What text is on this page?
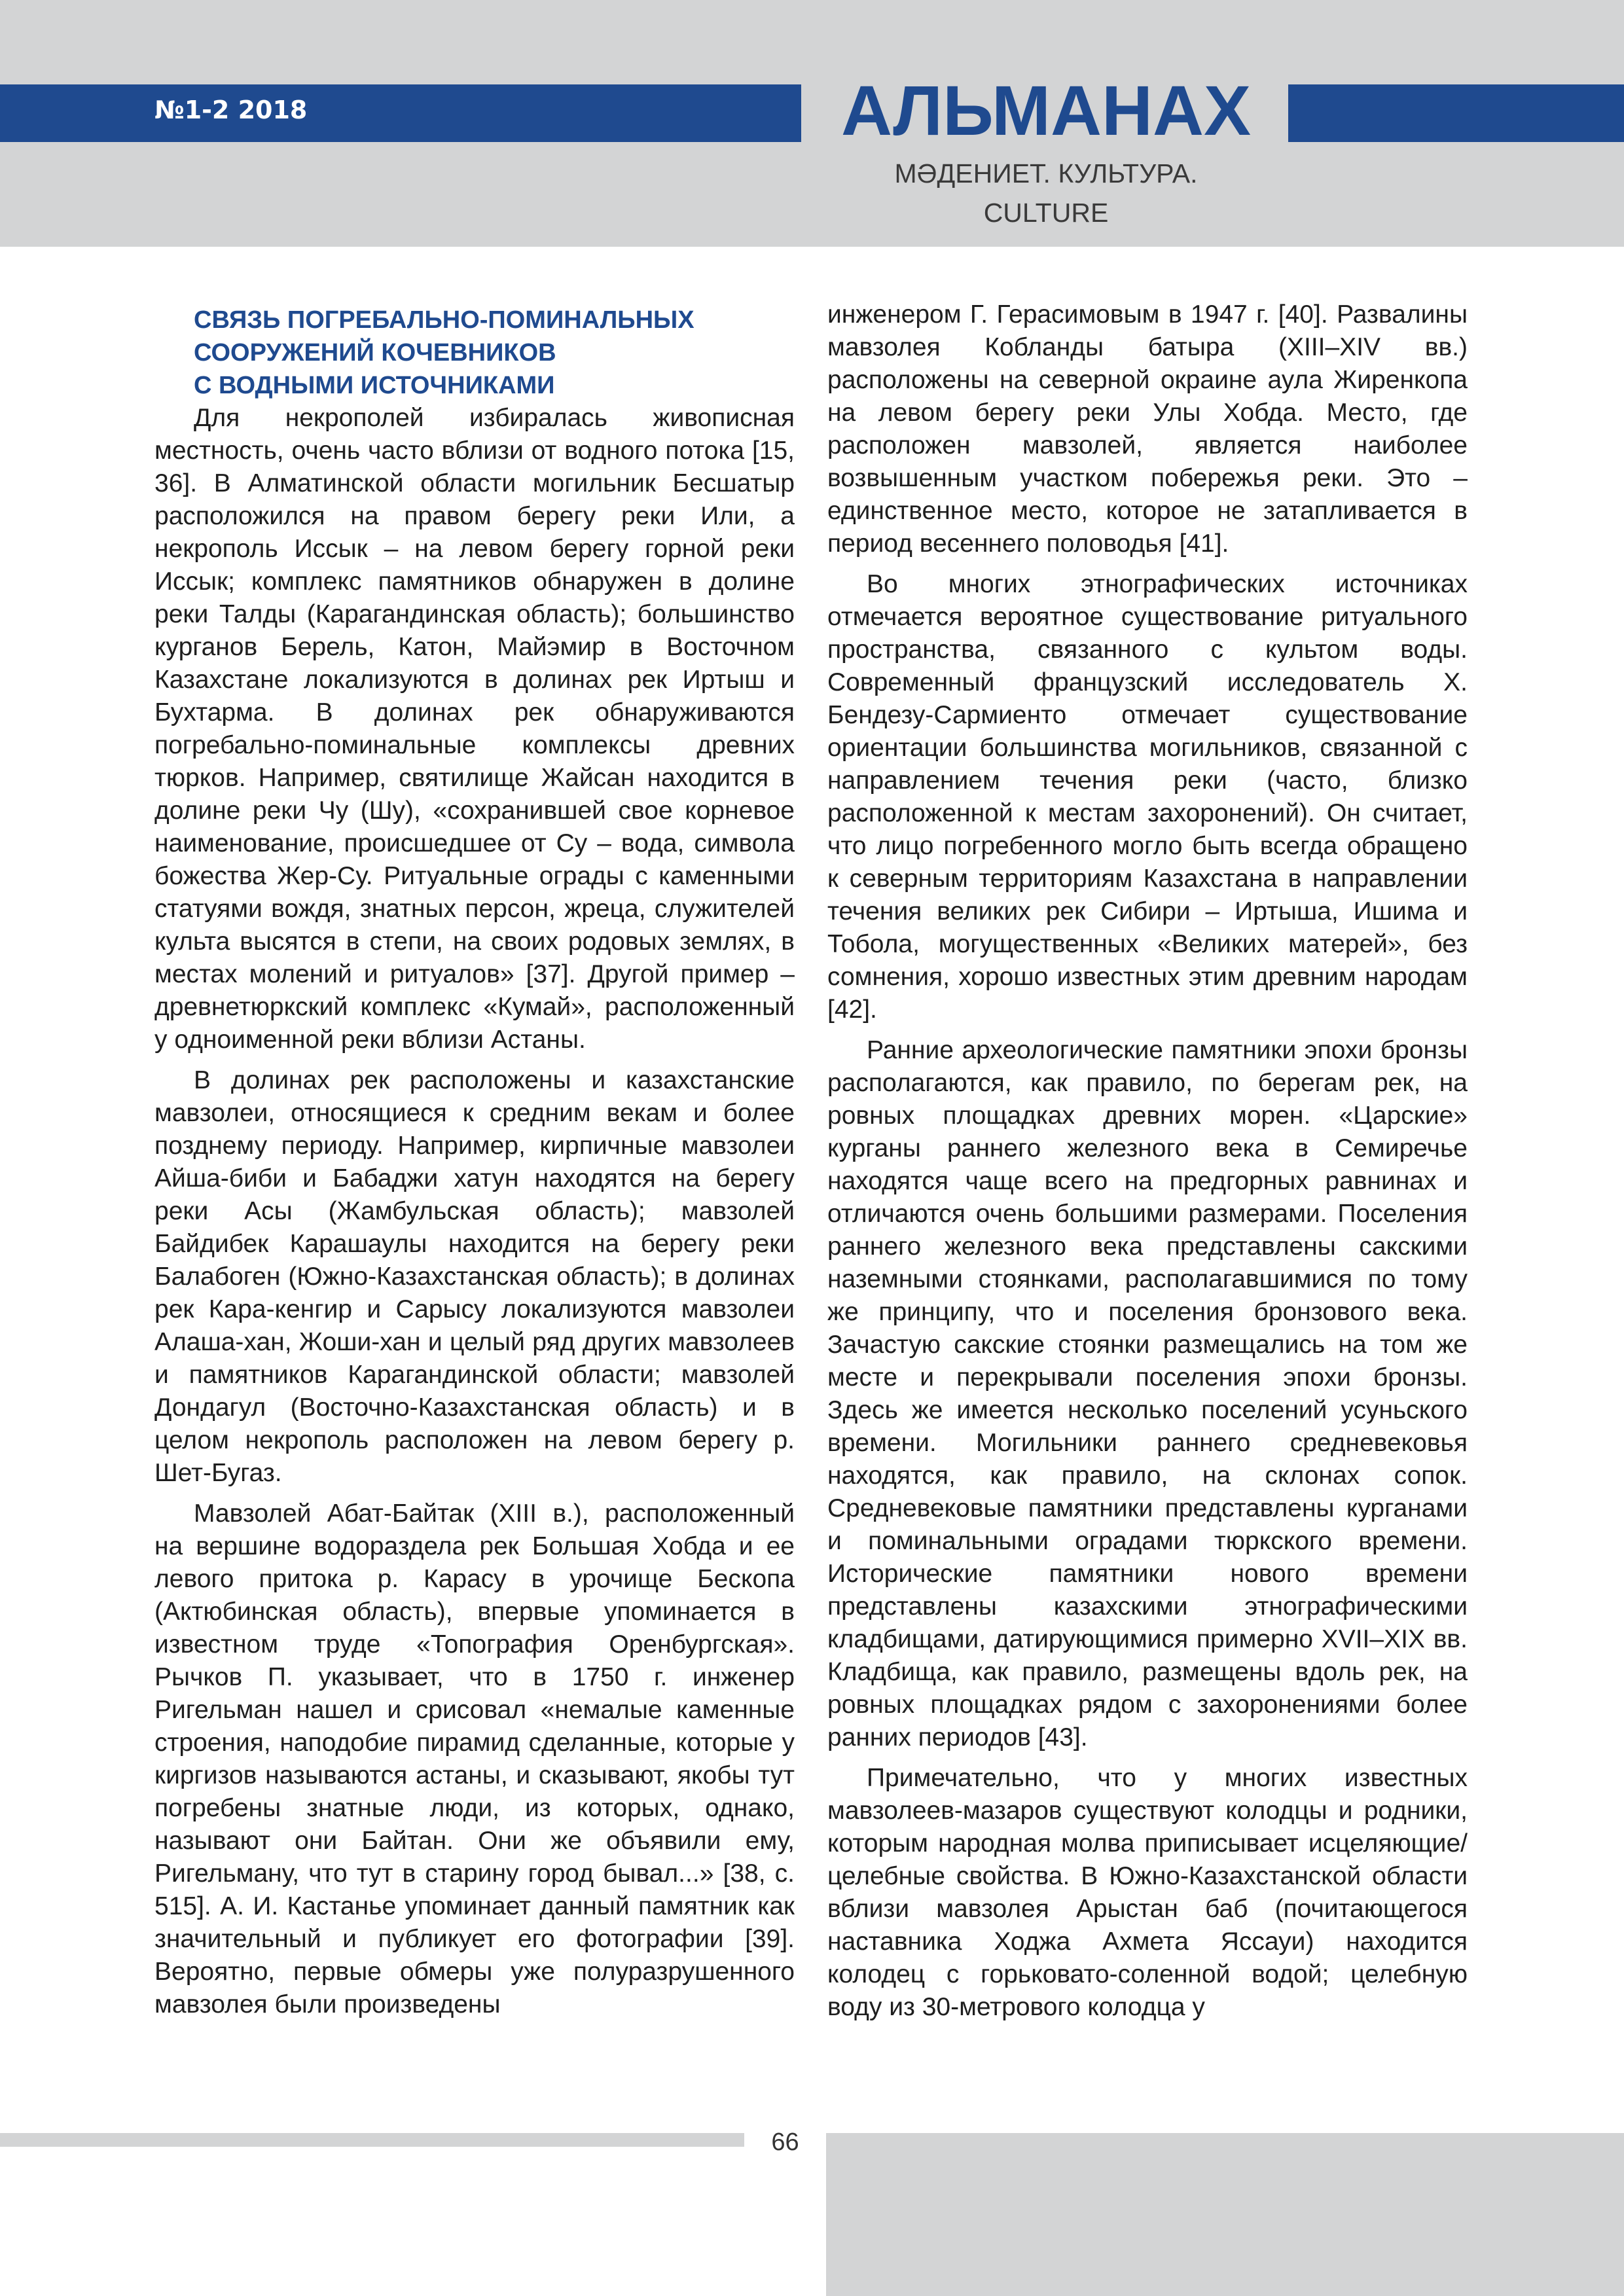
№1-2 2018	АЛЬМАНАХ
МӘДЕНИЕТ. КУЛЬТУРА. CULTURE
СВЯЗЬ ПОГРЕБАЛЬНО-ПОМИНАЛЬНЫХ
СООРУЖЕНИЙ КОЧЕВНИКОВ
С ВОДНЫМИ ИСТОЧНИКАМИ

Для некрополей избиралась живописная местность, очень часто вблизи от водного потока [15, 36]. В Алматинской области могильник Бесшатыр расположился на правом берегу реки Или, а некрополь Иссык – на левом берегу горной реки Иссык; комплекс памятников обнаружен в долине реки Талды (Карагандинская область); большинство курганов Берель, Катон, Майэмир в Восточном Казахстане локализуются в долинах рек Иртыш и Бухтарма. В долинах рек обнаруживаются погребально-поминальные комплексы древних тюрков. Например, святилище Жайсан находится в долине реки Чу (Шу), «сохранившей свое корневое наименование, происшедшее от Су – вода, символа божества Жер-Су. Ритуальные ограды с каменными статуями вождя, знатных персон, жреца, служителей культа высятся в степи, на своих родовых землях, в местах молений и ритуалов» [37]. Другой пример – древнетюркский комплекс «Кумай», расположенный у одноименной реки вблизи Астаны.

В долинах рек расположены и казахстанские мавзолеи, относящиеся к средним векам и более позднему периоду. Например, кирпичные мавзолеи Айша-биби и Бабаджи хатун находятся на берегу реки Асы (Жамбульская область); мавзолей Байдибек Карашаулы находится на берегу реки Балабоген (Южно-Казахстанская область); в долинах рек Кара-кенгир и Сарысу локализуются мавзолеи Алаша-хан, Жоши-хан и целый ряд других мавзолеев и памятников Карагандинской области; мавзолей Дондагул (Восточно-Казахстанская область) и в целом некрополь расположен на левом берегу р. Шет-Бугаз.

Мавзолей Абат-Байтак (XIII в.), расположенный на вершине водораздела рек Большая Хобда и ее левого притока р. Карасу в урочище Бескопа (Актюбинская область), впервые упоминается в известном труде «Топография Оренбургская». Рычков П. указывает, что в 1750 г. инженер Ригельман нашел и срисовал «немалые каменные строения, наподобие пирамид сделанные, которые у киргизов называются астаны, и сказывают, якобы тут погребены знатные люди, из которых, однако, называют они Байтан. Они же объявили ему, Ригельману, что тут в старину город бывал...» [38, с. 515]. А. И. Кастанье упоминает данный памятник как значительный и публикует его фотографии [39]. Вероятно, первые обмеры уже полуразрушенного мавзолея были произведены

инженером Г. Герасимовым в 1947 г. [40]. Развалины мавзолея Кобланды батыра (XIII–XIV вв.) расположены на северной окраине аула Жиренкопа на левом берегу реки Улы Хобда. Место, где расположен мавзолей, является наиболее возвышенным участком побережья реки. Это – единственное место, которое не затапливается в период весеннего половодья [41].

Во многих этнографических источниках отмечается вероятное существование ритуального пространства, связанного с культом воды. Современный французский исследователь Х. Бендезу-Сармиенто отмечает существование ориентации большинства могильников, связанной с направлением течения реки (часто, близко расположенной к местам захоронений). Он считает, что лицо погребенного могло быть всегда обращено к северным территориям Казахстана в направлении течения великих рек Сибири – Иртыша, Ишима и Тобола, могущественных «Великих матерей», без сомнения, хорошо известных этим древним народам [42].

Ранние археологические памятники эпохи бронзы располагаются, как правило, по берегам рек, на ровных площадках древних морен. «Царские» курганы раннего железного века в Семиречье находятся чаще всего на предгорных равнинах и отличаются очень большими размерами. Поселения раннего железного века представлены сакскими наземными стоянками, располагавшимися по тому же принципу, что и поселения бронзового века. Зачастую сакские стоянки размещались на том же месте и перекрывали поселения эпохи бронзы. Здесь же имеется несколько поселений усуньского времени. Могильники раннего средневековья находятся, как правило, на склонах сопок. Средневековые памятники представлены курганами и поминальными оградами тюркского времени. Исторические памятники нового времени представлены казахскими этнографическими кладбищами, датирующимися примерно XVII–XIX вв. Кладбища, как правило, размещены вдоль рек, на ровных площадках рядом с захоронениями более ранних периодов [43].

Примечательно, что у многих известных мавзолеев-мазаров существуют колодцы и родники, которым народная молва приписывает исцеляющие/целебные свойства. В Южно-Казахстанской области вблизи мавзолея Арыстан баб (почитающегося наставника Ходжа Ахмета Яссауи) находится колодец с горьковато-соленной водой; целебную воду из 30-метрового колодца у

66
